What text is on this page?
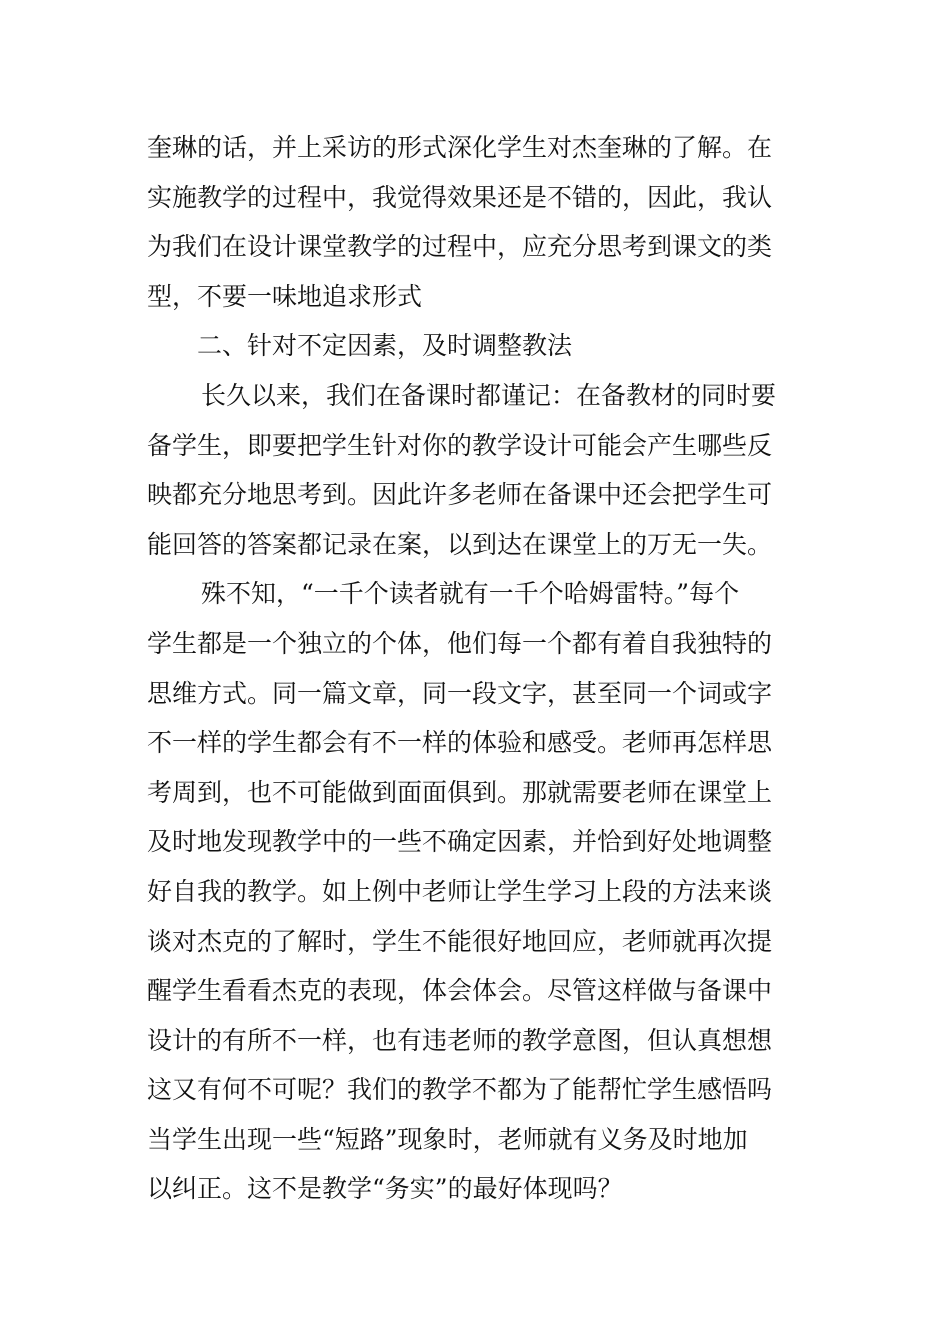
奎琳的话，并上采访的形式深化学生对杰奎琳的了解。在
实施教学的过程中，我觉得效果还是不错的，因此，我认
为我们在设计课堂教学的过程中，应充分思考到课文的类
型，不要一味地追求形式
二、针对不定因素，及时调整教法
长久以来，我们在备课时都谨记：在备教材的同时要
备学生，即要把学生针对你的教学设计可能会产生哪些反
映都充分地思考到。因此许多老师在备课中还会把学生可
能回答的答案都记录在案，以到达在课堂上的万无一失。
殊不知，“一千个读者就有一千个哈姆雷特。”每个
学生都是一个独立的个体，他们每一个都有着自我独特的
思维方式。同一篇文章，同一段文字，甚至同一个词或字
不一样的学生都会有不一样的体验和感受。老师再怎样思
考周到，也不可能做到面面俱到。那就需要老师在课堂上
及时地发现教学中的一些不确定因素，并恰到好处地调整
好自我的教学。如上例中老师让学生学习上段的方法来谈
谈对杰克的了解时，学生不能很好地回应，老师就再次提
醒学生看看杰克的表现，体会体会。尽管这样做与备课中
设计的有所不一样，也有违老师的教学意图，但认真想想
这又有何不可呢？我们的教学不都为了能帮忙学生感悟吗
当学生出现一些“短路”现象时，老师就有义务及时地加
以纠正。这不是教学“务实”的最好体现吗？
